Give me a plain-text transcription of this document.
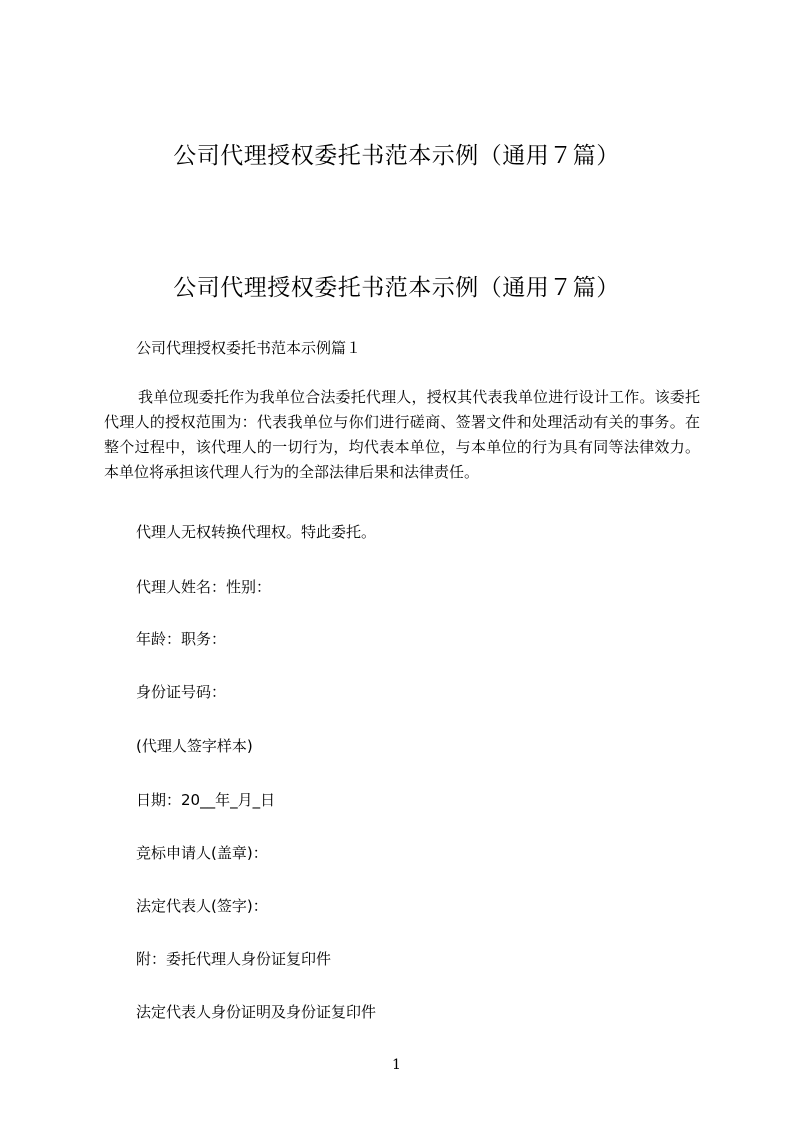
公司代理授权委托书范本示例（通用７篇）
公司代理授权委托书范本示例（通用７篇）
公司代理授权委托书范本示例篇１
我单位现委托作为我单位合法委托代理人，授权其代表我单位进行设计工作。该委托代理人的授权范围为：代表我单位与你们进行磋商、签署文件和处理活动有关的事务。在整个过程中，该代理人的一切行为，均代表本单位，与本单位的行为具有同等法律效力。本单位将承担该代理人行为的全部法律后果和法律责任。
代理人无权转换代理权。特此委托。
代理人姓名：性别：
年龄：职务：
身份证号码：
(代理人签字样本)
日期：20__年_月_日
竞标申请人(盖章)：
法定代表人(签字)：
附：委托代理人身份证复印件
法定代表人身份证明及身份证复印件
1
